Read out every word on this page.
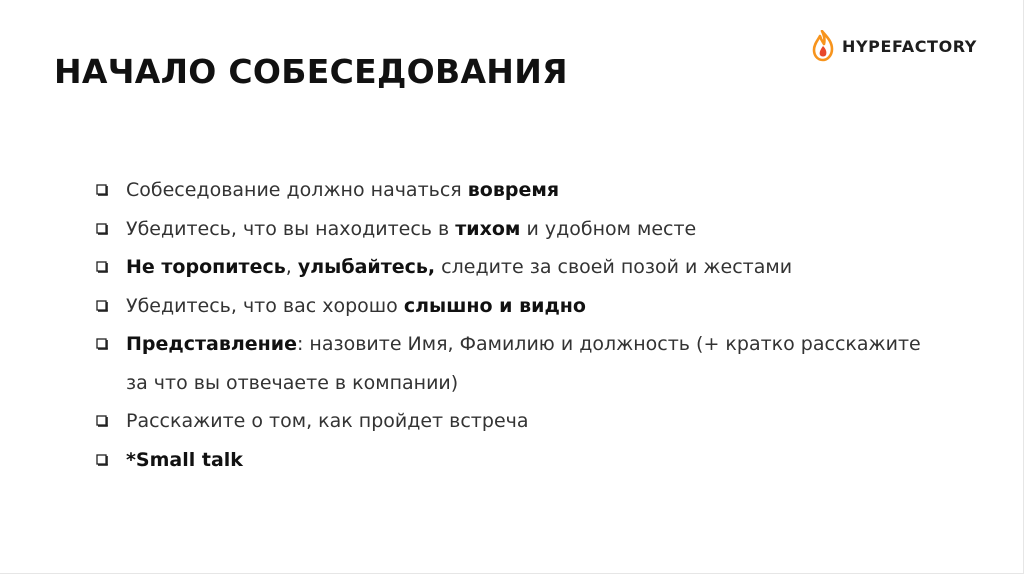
НАЧАЛО СОБЕСЕДОВАНИЯ
HYPEFACTORY
Собеседование должно начаться вовремя
Убедитесь, что вы находитесь в тихом и удобном месте
Не торопитесь, улыбайтесь, следите за своей позой и жестами
Убедитесь, что вас хорошо слышно и видно
Представление: назовите Имя, Фамилию и должность (+ кратко расскажите за что вы отвечаете в компании)
Расскажите о том, как пройдет встреча
*Small talk
